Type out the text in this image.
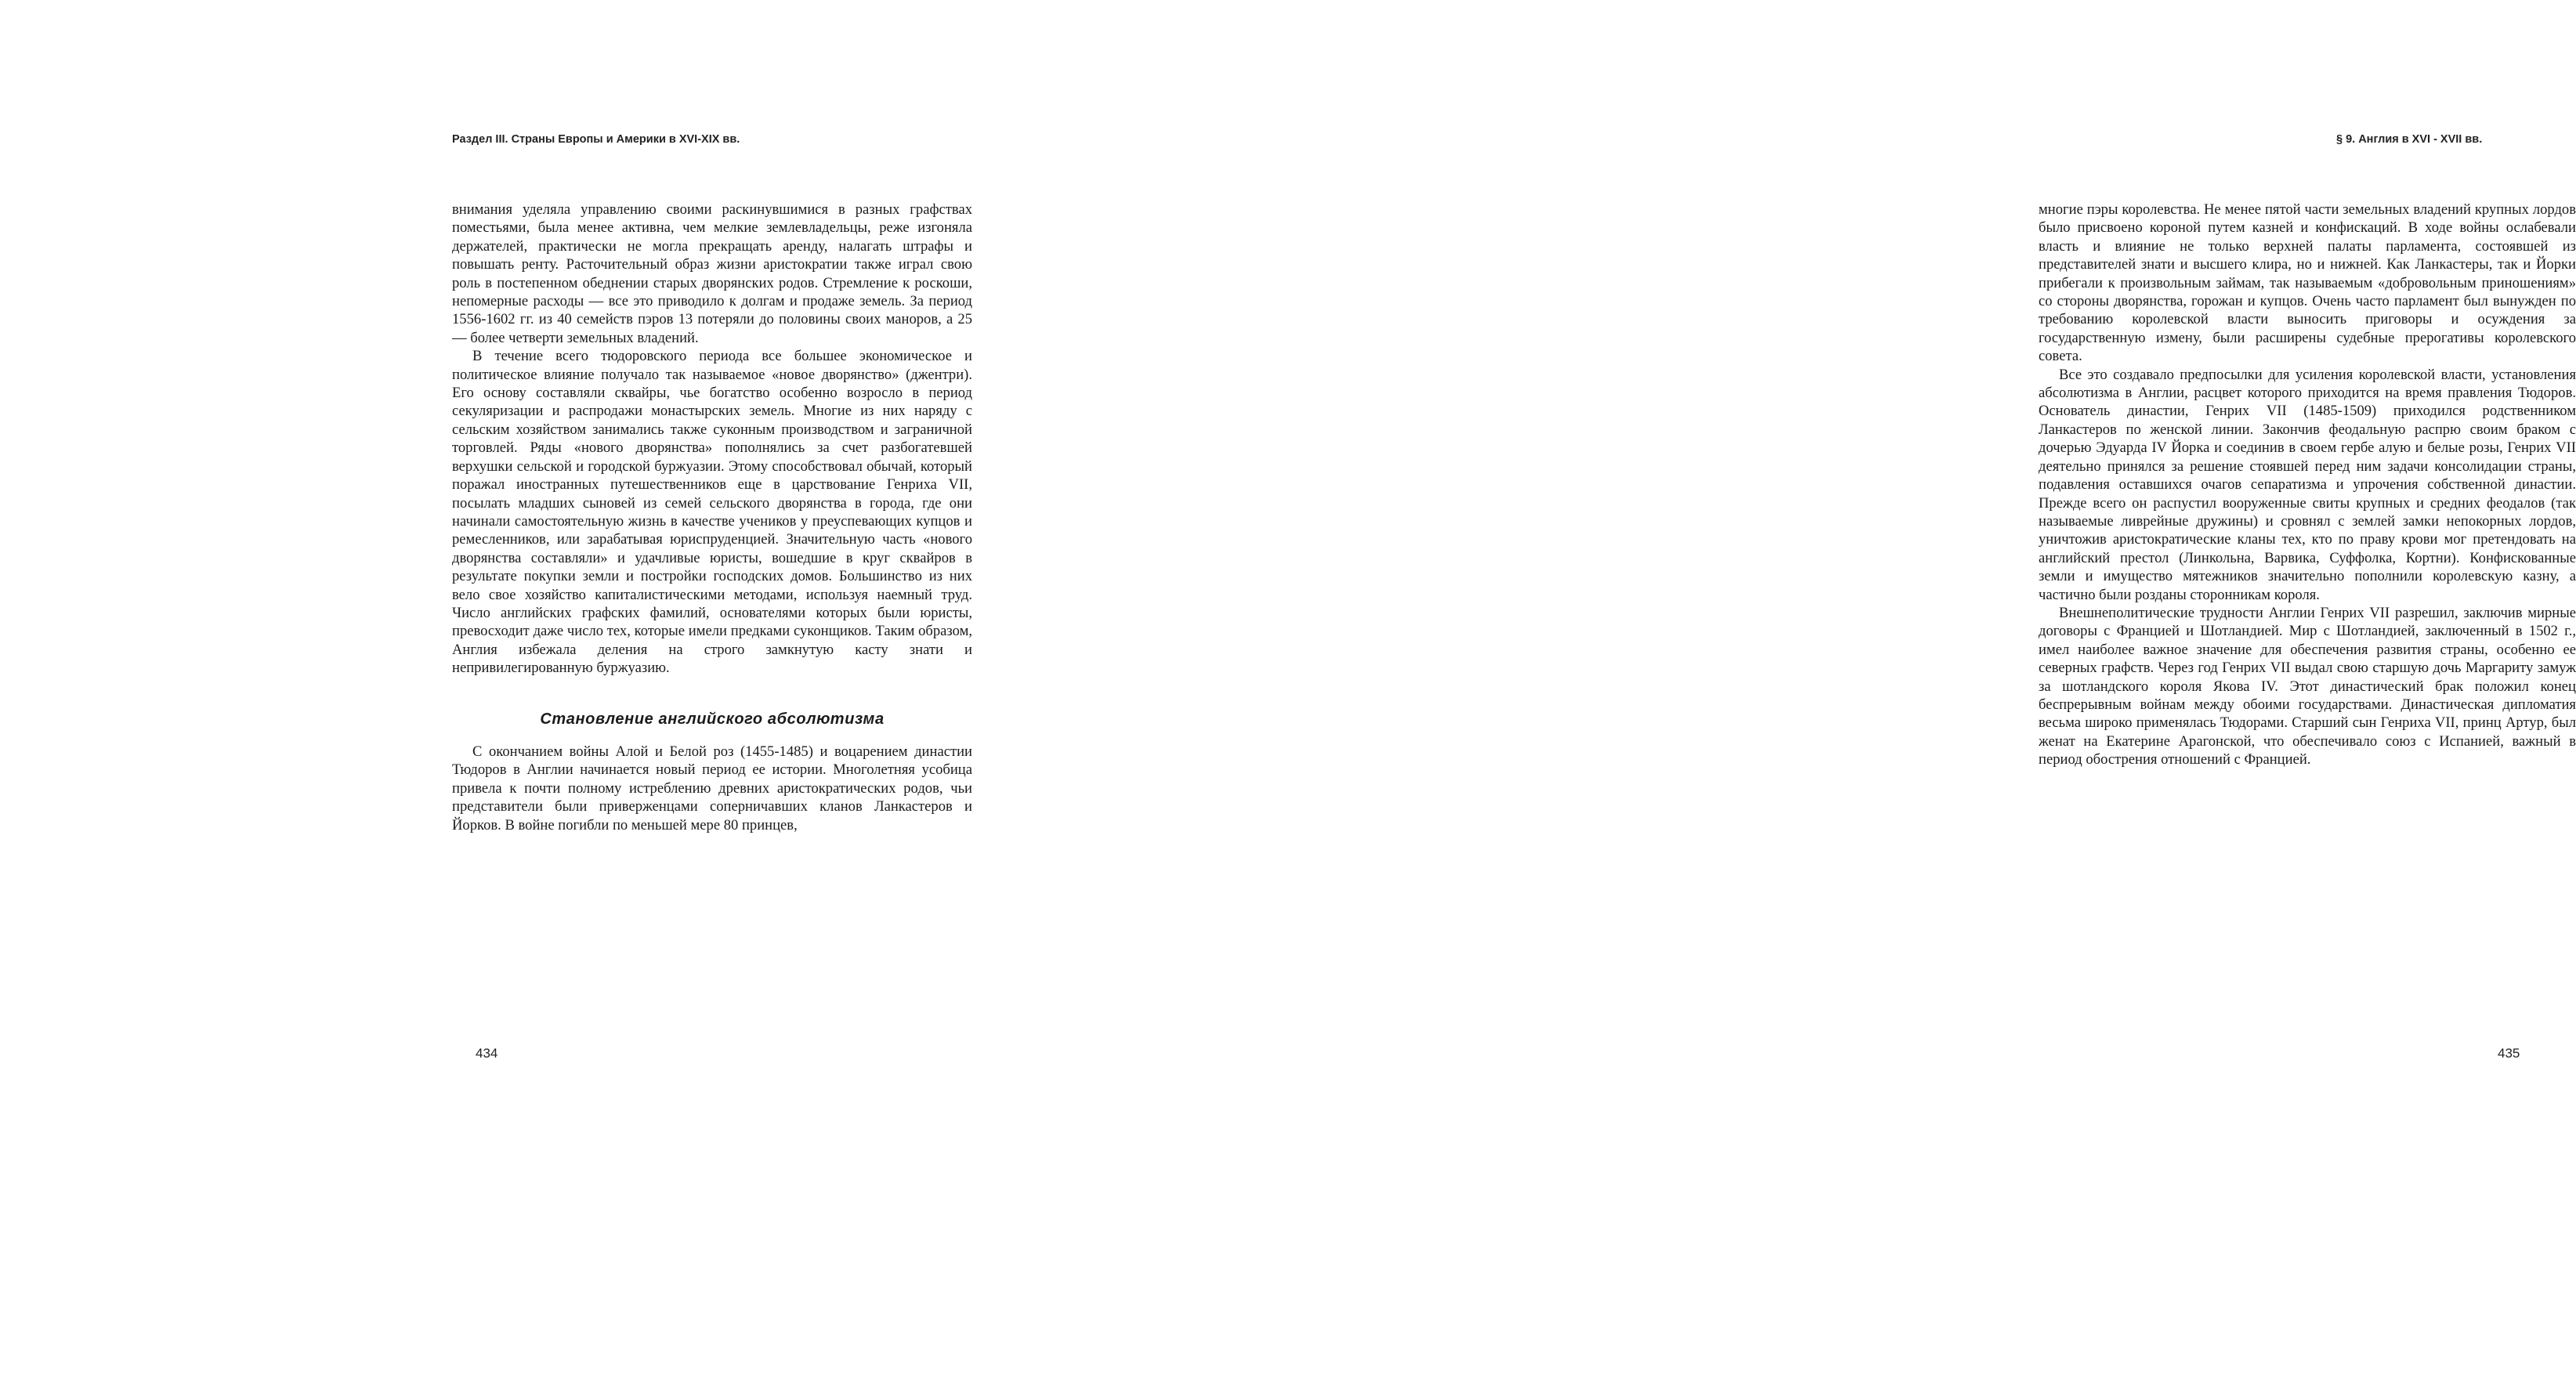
Раздел III. Страны Европы и Америки в XVI-XIX вв.

внимания уделяла управлению своими раскинувшимися в разных графствах поместьями, была менее активна, чем мелкие землевладельцы, реже изгоняла держателей, практически не могла прекращать аренду, налагать штрафы и повышать ренту. Расточительный образ жизни аристократии также играл свою роль в постепенном обеднении старых дворянских родов. Стремление к роскоши, непомерные расходы — все это приводило к долгам и продаже земель. За период 1556-1602 гг. из 40 семейств пэров 13 потеряли до половины своих маноров, а 25 — более четверти земельных владений.

В течение всего тюдоровского периода все большее экономическое и политическое влияние получало так называемое «новое дворянство» (джентри). Его основу составляли сквайры, чье богатство особенно возросло в период секуляризации и распродажи монастырских земель. Многие из них наряду с сельским хозяйством занимались также суконным производством и заграничной торговлей. Ряды «нового дворянства» пополнялись за счет разбогатевшей верхушки сельской и городской буржуазии. Этому способствовал обычай, который поражал иностранных путешественников еще в царствование Генриха VII, посылать младших сыновей из семей сельского дворянства в города, где они начинали самостоятельную жизнь в качестве учеников у преуспевающих купцов и ремесленников, или зарабатывая юриспруденцией. Значительную часть «нового дворянства составляли» и удачливые юристы, вошедшие в круг сквайров в результате покупки земли и постройки господских домов. Большинство из них вело свое хозяйство капиталистическими методами, используя наемный труд. Число английских графских фамилий, основателями которых были юристы, превосходит даже число тех, которые имели предками суконщиков. Таким образом, Англия избежала деления на строго замкнутую касту знати и непривилегированную буржуазию.

Становление английского абсолютизма

С окончанием войны Алой и Белой роз (1455-1485) и воцарением династии Тюдоров в Англии начинается новый период ее истории. Многолетняя усобица привела к почти полному истреблению древних аристократических родов, чьи представители были приверженцами соперничавших кланов Ланкастеров и Йорков. В войне погибли по меньшей мере 80 принцев,

434
§ 9. Англия в XVI - XVII вв.

многие пэры королевства. Не менее пятой части земельных владений крупных лордов было присвоено короной путем казней и конфискаций. В ходе войны ослабевали власть и влияние не только верхней палаты парламента, состоявшей из представителей знати и высшего клира, но и нижней. Как Ланкастеры, так и Йорки прибегали к произвольным займам, так называемым «добровольным приношениям» со стороны дворянства, горожан и купцов. Очень часто парламент был вынужден по требованию королевской власти выносить приговоры и осуждения за государственную измену, были расширены судебные прерогативы королевского совета.

Все это создавало предпосылки для усиления королевской власти, установления абсолютизма в Англии, расцвет которого приходится на время правления Тюдоров. Основатель династии, Генрих VII (1485-1509) приходился родственником Ланкастеров по женской линии. Закончив феодальную распрю своим браком с дочерью Эдуарда IV Йорка и соединив в своем гербе алую и белые розы, Генрих VII деятельно принялся за решение стоявшей перед ним задачи консолидации страны, подавления оставшихся очагов сепаратизма и упрочения собственной династии. Прежде всего он распустил вооруженные свиты крупных и средних феодалов (так называемые ливрейные дружины) и сровнял с землей замки непокорных лордов, уничтожив аристократические кланы тех, кто по праву крови мог претендовать на английский престол (Линкольна, Варвика, Суффолка, Кортни). Конфискованные земли и имущество мятежников значительно пополнили королевскую казну, а частично были розданы сторонникам короля.

Внешнеполитические трудности Англии Генрих VII разрешил, заключив мирные договоры с Францией и Шотландией. Мир с Шотландией, заключенный в 1502 г., имел наиболее важное значение для обеспечения развития страны, особенно ее северных графств. Через год Генрих VII выдал свою старшую дочь Маргариту замуж за шотландского короля Якова IV. Этот династический брак положил конец беспрерывным войнам между обоими государствами. Династическая дипломатия весьма широко применялась Тюдорами. Старший сын Генриха VII, принц Артур, был женат на Екатерине Арагонской, что обеспечивало союз с Испанией, важный в период обострения отношений с Францией.

435
